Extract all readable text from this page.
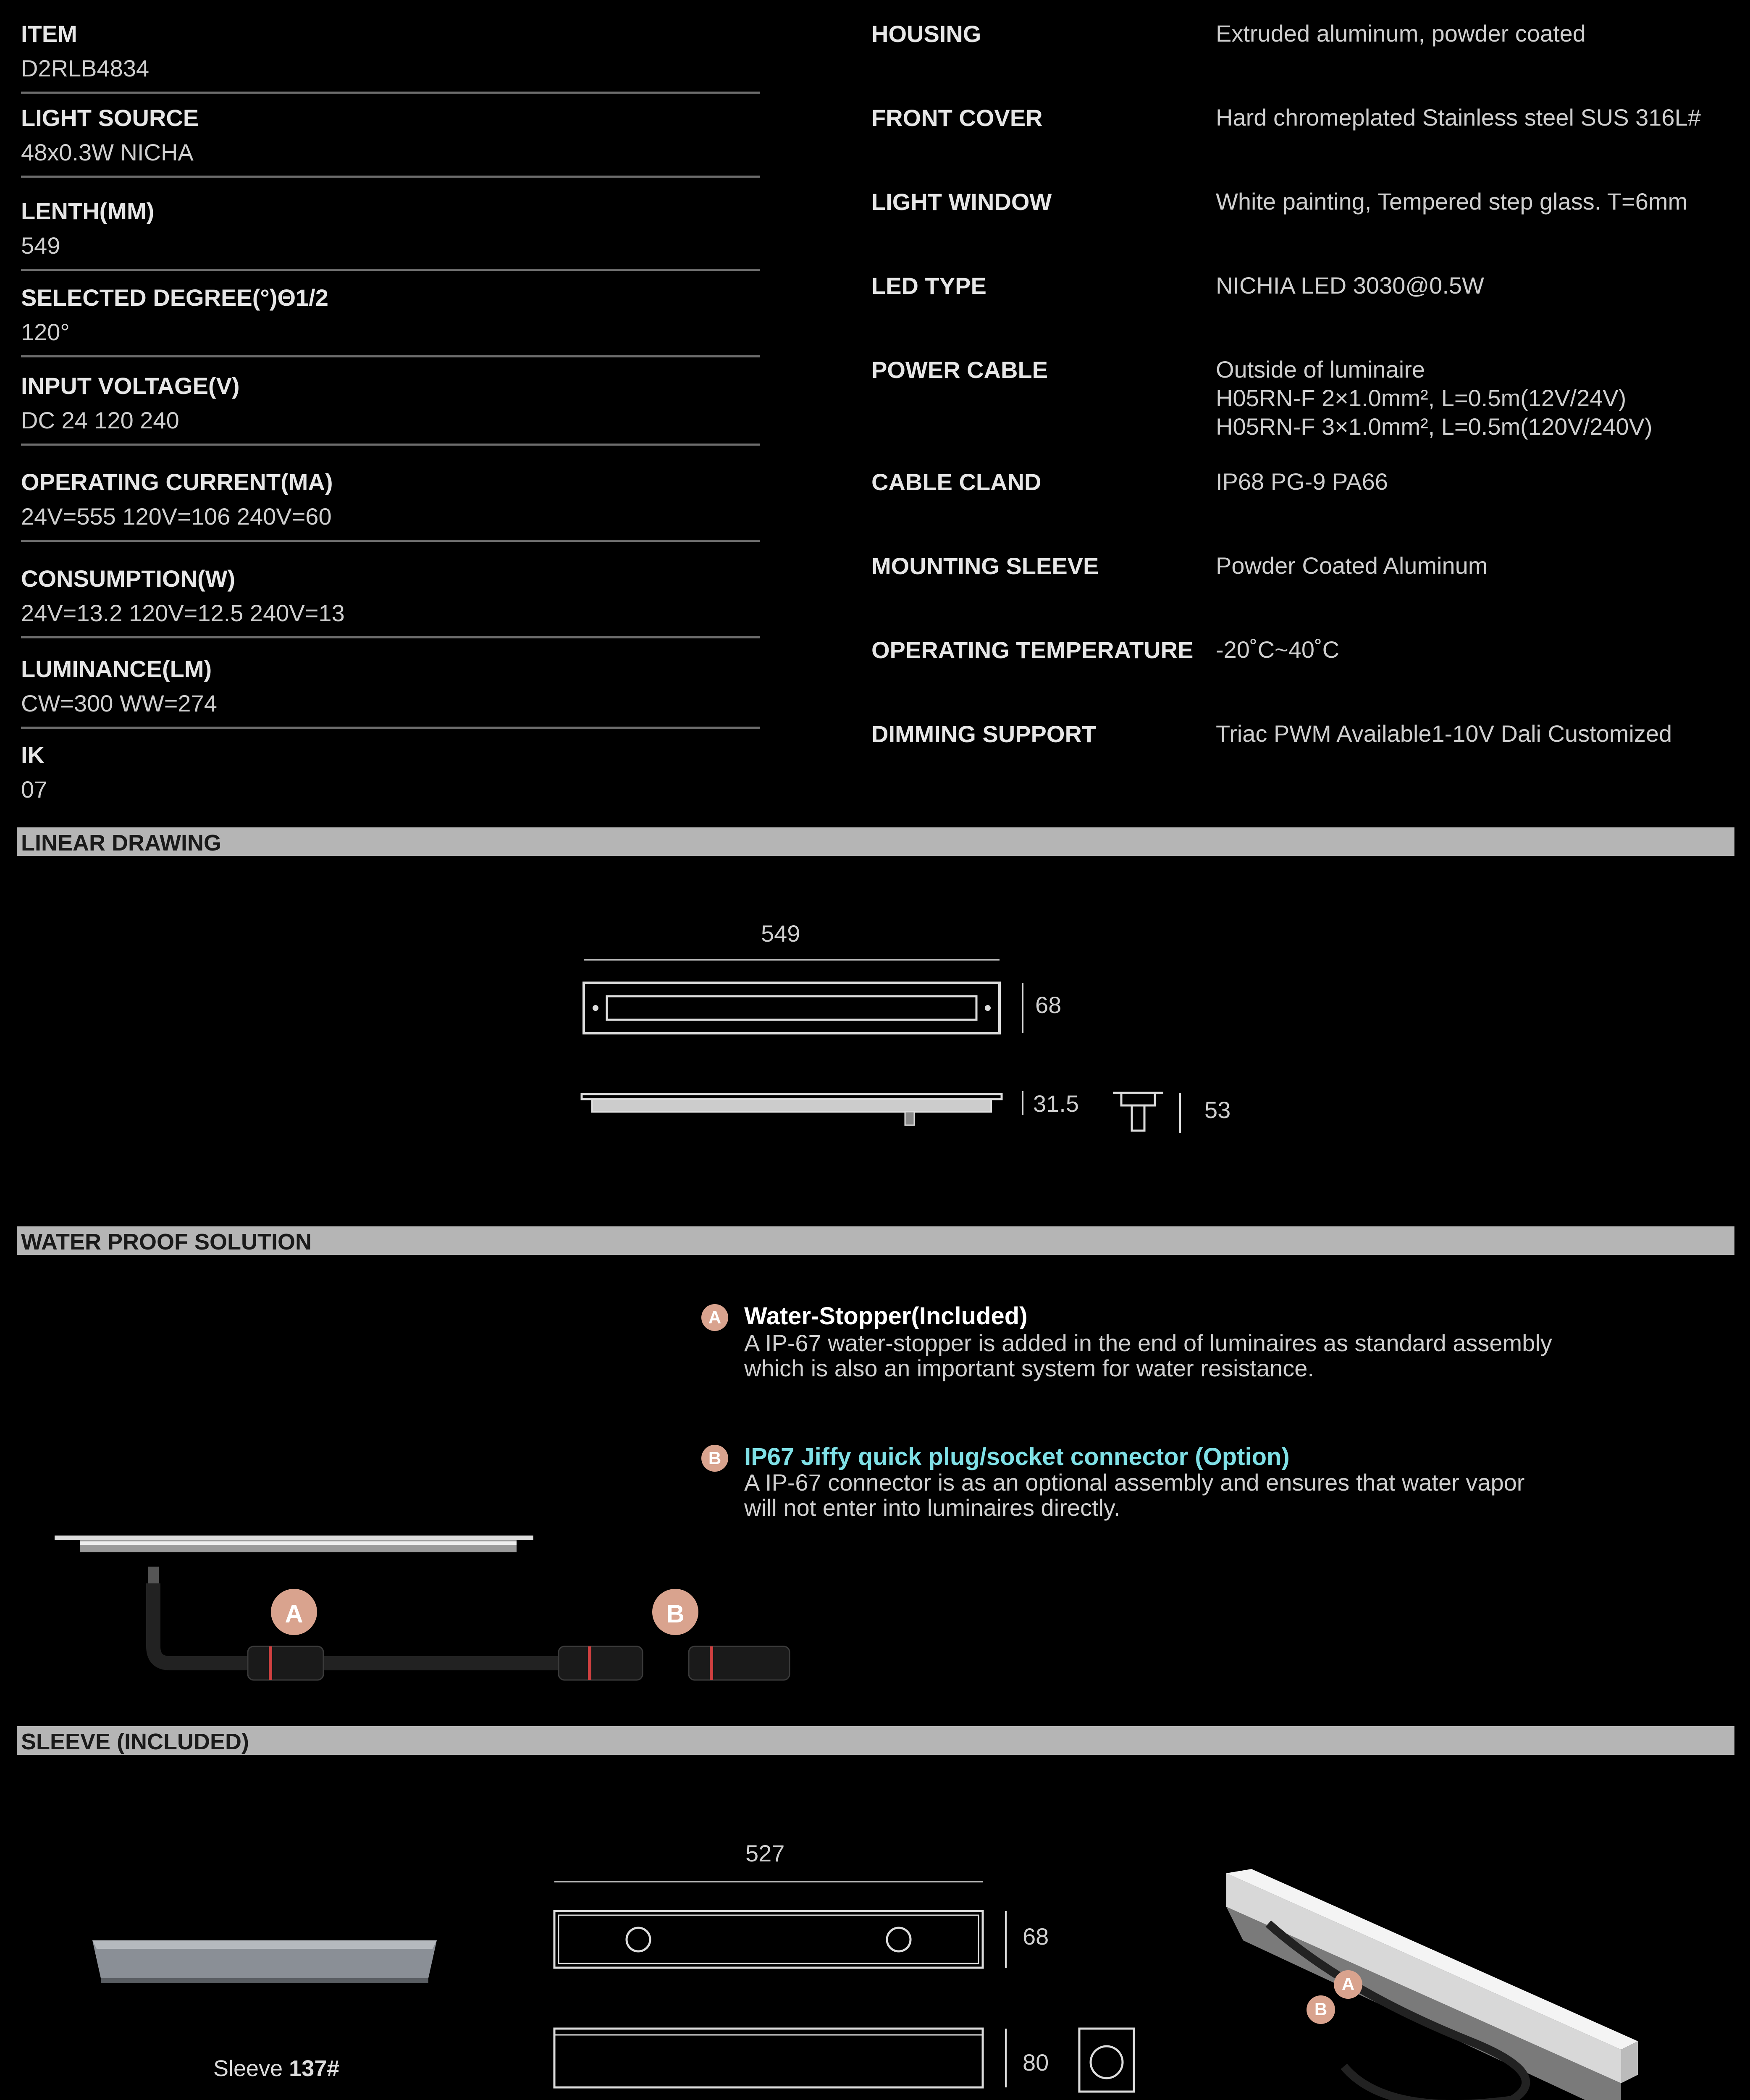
ITEM
D2RLB4834
LIGHT SOURCE
48x0.3W NICHA
LENTH(MM)
549
SELECTED DEGREE(°)Θ1/2
120°
INPUT VOLTAGE(V)
DC 24 120 240
OPERATING CURRENT(MA)
24V=555 120V=106 240V=60
CONSUMPTION(W)
24V=13.2 120V=12.5 240V=13
LUMINANCE(LM)
CW=300 WW=274
IK
07
HOUSING	Extruded aluminum, powder coated
FRONT COVER	Hard chromeplated Stainless steel SUS 316L#
LIGHT WINDOW	White painting, Tempered step glass. T=6mm
LED TYPE	NICHIA LED 3030@0.5W
POWER CABLE	Outside of luminaire
H05RN-F 2×1.0mm², L=0.5m(12V/24V)
H05RN-F 3×1.0mm², L=0.5m(120V/240V)
CABLE CLAND	IP68 PG-9 PA66
MOUNTING SLEEVE	Powder Coated Aluminum
OPERATING TEMPERATURE -20˚C~40˚C
DIMMING SUPPORT	Triac PWM Available1-10V Dali Customized
LINEAR DRAWING
549
68
31.5	53
WATER PROOF SOLUTION
A Water-Stopper(Included)
A IP-67 water-stopper is added in the end of luminaires as standard assembly
which is also an important system for water resistance.
B IP67 Jiffy quick plug/socket connector (Option)
A IP-67 connector is as an optional assembly and ensures that water vapor
will not enter into luminaires directly.
A	B
SLEEVE (INCLUDED)
Sleeve 137#
527
68
80
A
B
